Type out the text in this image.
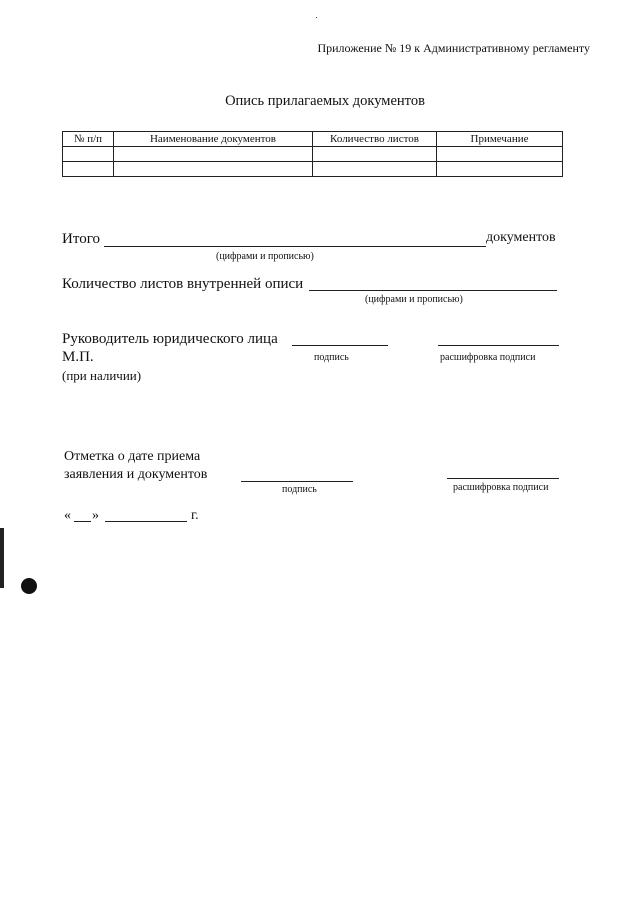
Приложение № 19 к Административному регламенту
Опись прилагаемых документов
№ п/п	Наименование документов	Количество листов	Примечание

Итого	документов
(цифрами и прописью)
Количество листов внутренней описи
(цифрами и прописью)
Руководитель юридического лица
М.П.	подпись	расшифровка подписи
(при наличии)
Отметка о дате приема
заявления и документов
подпись	расшифровка подписи
« »	г.
